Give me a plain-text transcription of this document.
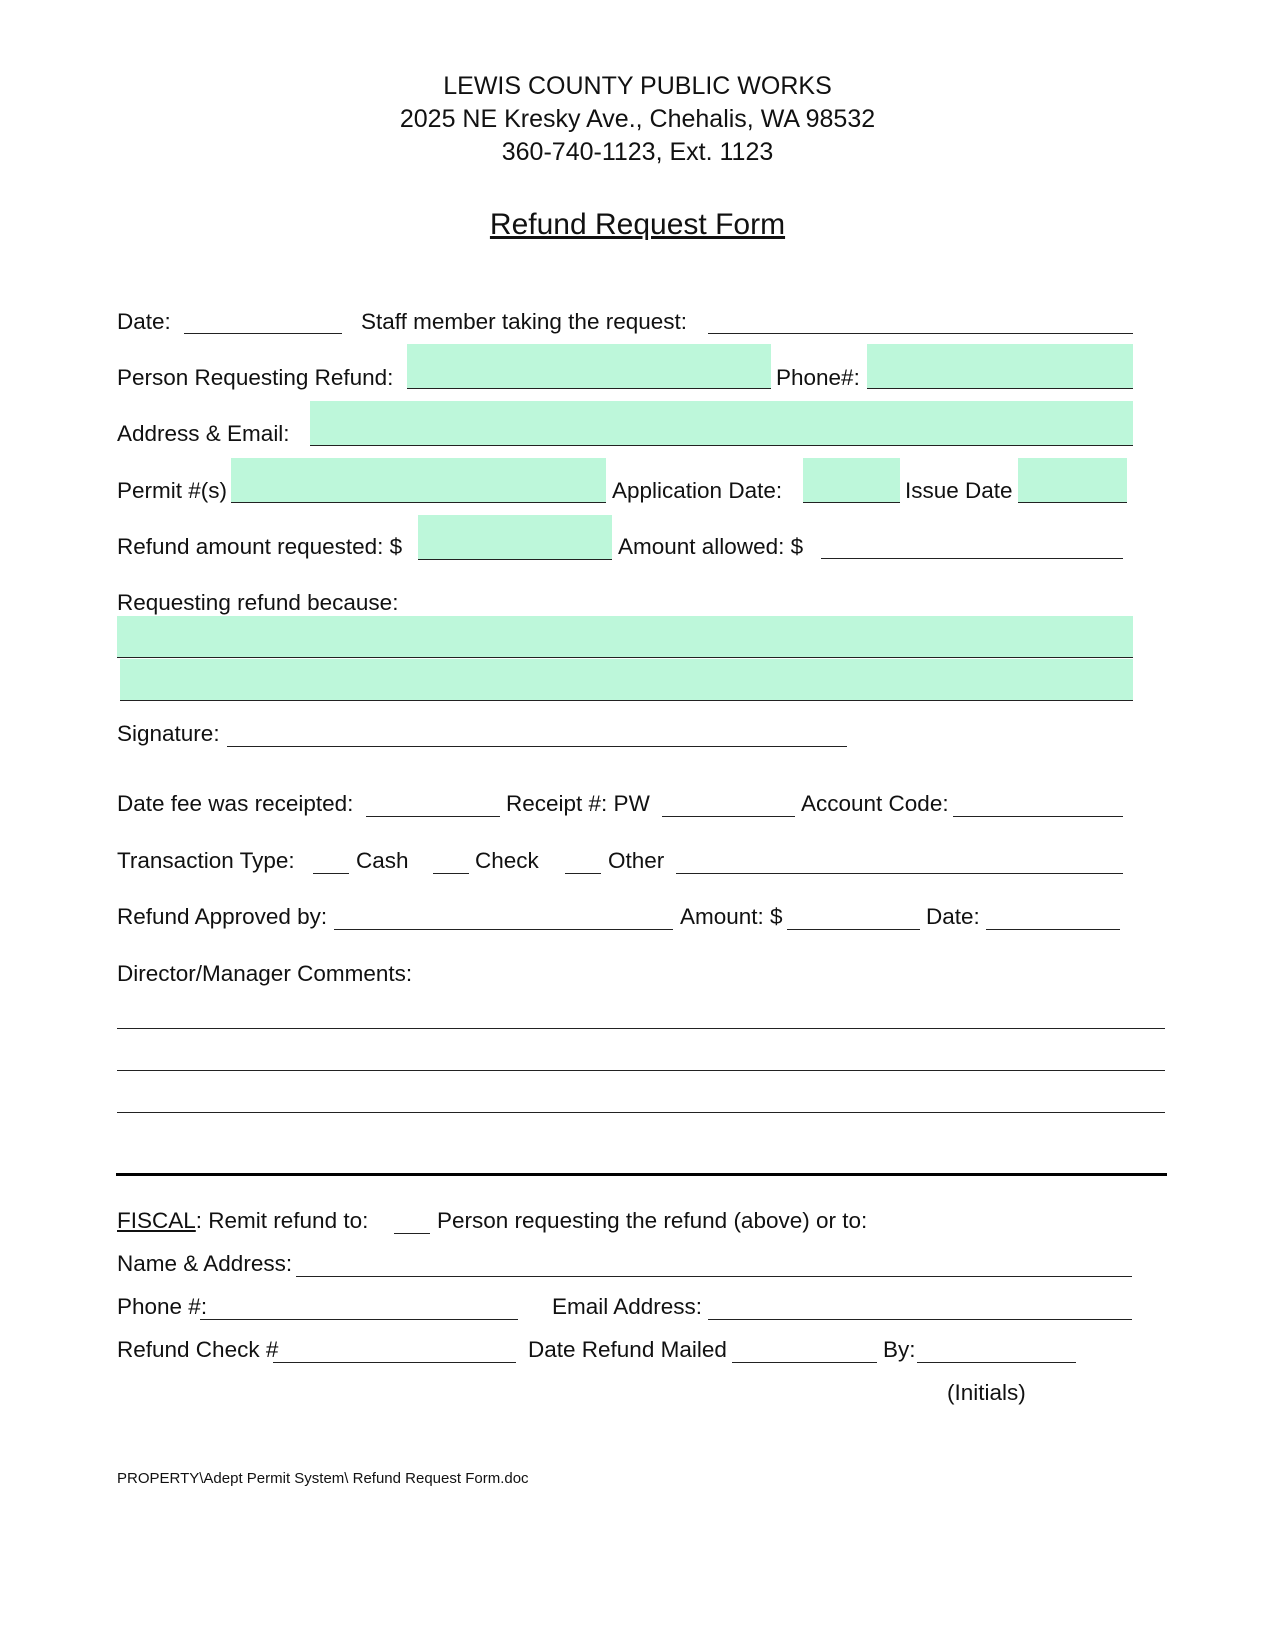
LEWIS COUNTY PUBLIC WORKS
2025 NE Kresky Ave., Chehalis, WA 98532
360-740-1123, Ext. 1123
Refund Request Form
Date:	Staff member taking the request:
Person Requesting Refund:	Phone#:
Address & Email:
Permit #(s)	Application Date:	Issue Date
Refund amount requested: $	Amount allowed: $
Requesting refund because:
Signature:
Date fee was receipted:	Receipt #: PW	Account Code:
Transaction Type:	Cash	Check	Other
Refund Approved by:	Amount: $	Date:
Director/Manager Comments:
FISCAL: Remit refund to:	Person requesting the refund (above) or to:
Name & Address:
Phone #:	Email Address:
Refund Check #	Date Refund Mailed	By:
(Initials)
PROPERTY\Adept Permit System\ Refund Request Form.doc
